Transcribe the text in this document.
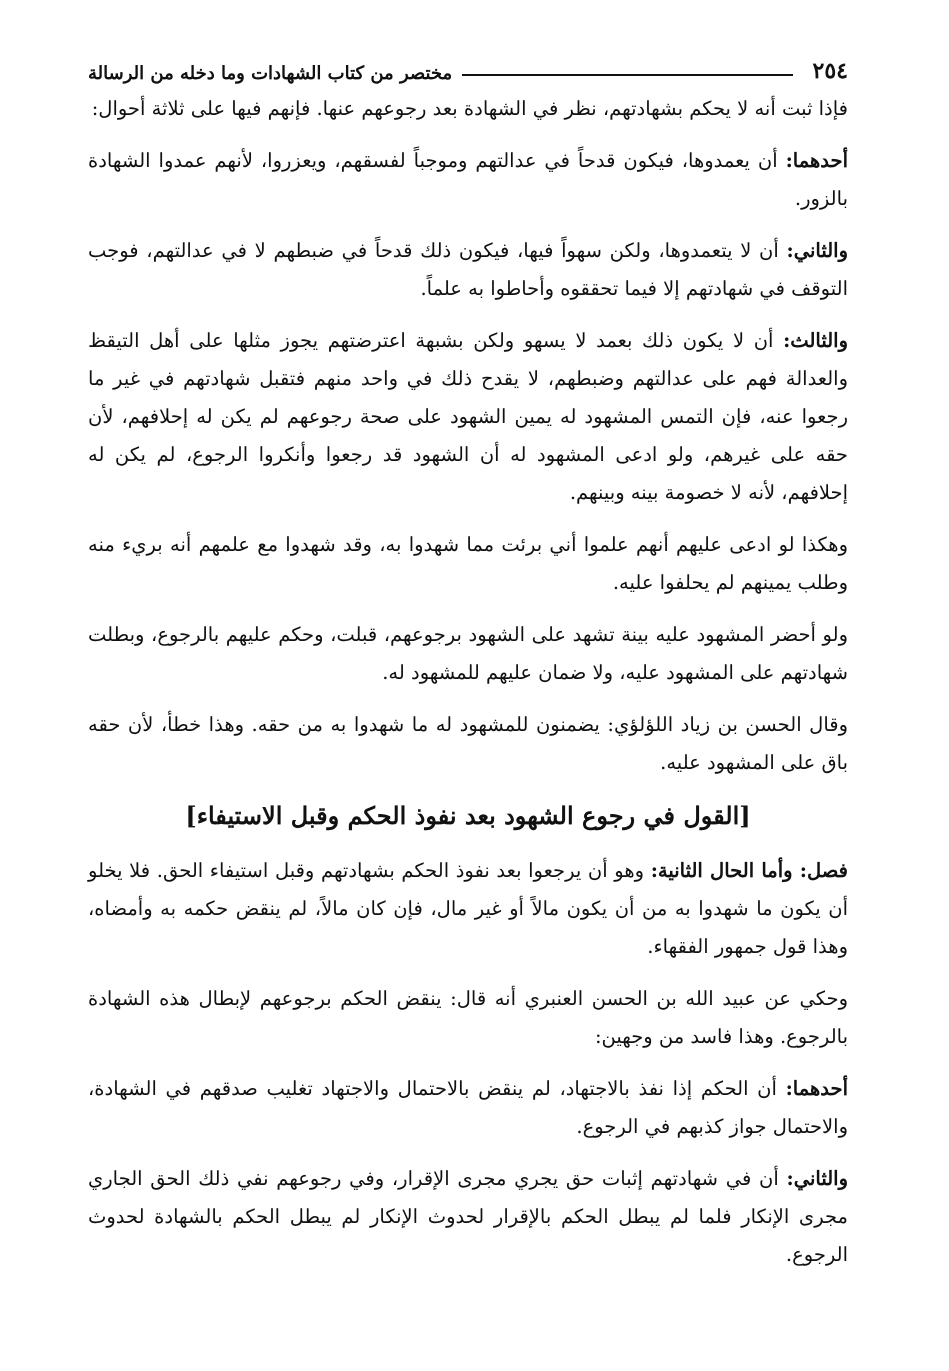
٢٥٤
مختصر من كتاب الشهادات وما دخله من الرسالة

فإذا ثبت أنه لا يحكم بشهادتهم، نظر في الشهادة بعد رجوعهم عنها. فإنهم فيها على ثلاثة أحوال:

أحدهما: أن يعمدوها، فيكون قدحاً في عدالتهم وموجباً لفسقهم، ويعزروا، لأنهم عمدوا الشهادة بالزور.

والثاني: أن لا يتعمدوها، ولكن سهواً فيها، فيكون ذلك قدحاً في ضبطهم لا في عدالتهم، فوجب التوقف في شهادتهم إلا فيما تحققوه وأحاطوا به علماً.

والثالث: أن لا يكون ذلك بعمد لا يسهو ولكن بشبهة اعترضتهم يجوز مثلها على أهل التيقظ والعدالة فهم على عدالتهم وضبطهم، لا يقدح ذلك في واحد منهم فتقبل شهادتهم في غير ما رجعوا عنه، فإن التمس المشهود له يمين الشهود على صحة رجوعهم لم يكن له إحلافهم، لأن حقه على غيرهم، ولو ادعى المشهود له أن الشهود قد رجعوا وأنكروا الرجوع، لم يكن له إحلافهم، لأنه لا خصومة بينه وبينهم.

وهكذا لو ادعى عليهم أنهم علموا أني برئت مما شهدوا به، وقد شهدوا مع علمهم أنه بريء منه وطلب يمينهم لم يحلفوا عليه.

ولو أحضر المشهود عليه بينة تشهد على الشهود برجوعهم، قبلت، وحكم عليهم بالرجوع، وبطلت شهادتهم على المشهود عليه، ولا ضمان عليهم للمشهود له.

وقال الحسن بن زياد اللؤلؤي: يضمنون للمشهود له ما شهدوا به من حقه. وهذا خطأ، لأن حقه باق على المشهود عليه.

[القول في رجوع الشهود بعد نفوذ الحكم وقبل الاستيفاء]

فصل: وأما الحال الثانية: وهو أن يرجعوا بعد نفوذ الحكم بشهادتهم وقبل استيفاء الحق. فلا يخلو أن يكون ما شهدوا به من أن يكون مالاً أو غير مال، فإن كان مالاً، لم ينقض حكمه به وأمضاه، وهذا قول جمهور الفقهاء.

وحكي عن عبيد الله بن الحسن العنبري أنه قال: ينقض الحكم برجوعهم لإبطال هذه الشهادة بالرجوع. وهذا فاسد من وجهين:

أحدهما: أن الحكم إذا نفذ بالاجتهاد، لم ينقض بالاحتمال والاجتهاد تغليب صدقهم في الشهادة، والاحتمال جواز كذبهم في الرجوع.

والثاني: أن في شهادتهم إثبات حق يجري مجرى الإقرار، وفي رجوعهم نفي ذلك الحق الجاري مجرى الإنكار فلما لم يبطل الحكم بالإقرار لحدوث الإنكار لم يبطل الحكم بالشهادة لحدوث الرجوع.
